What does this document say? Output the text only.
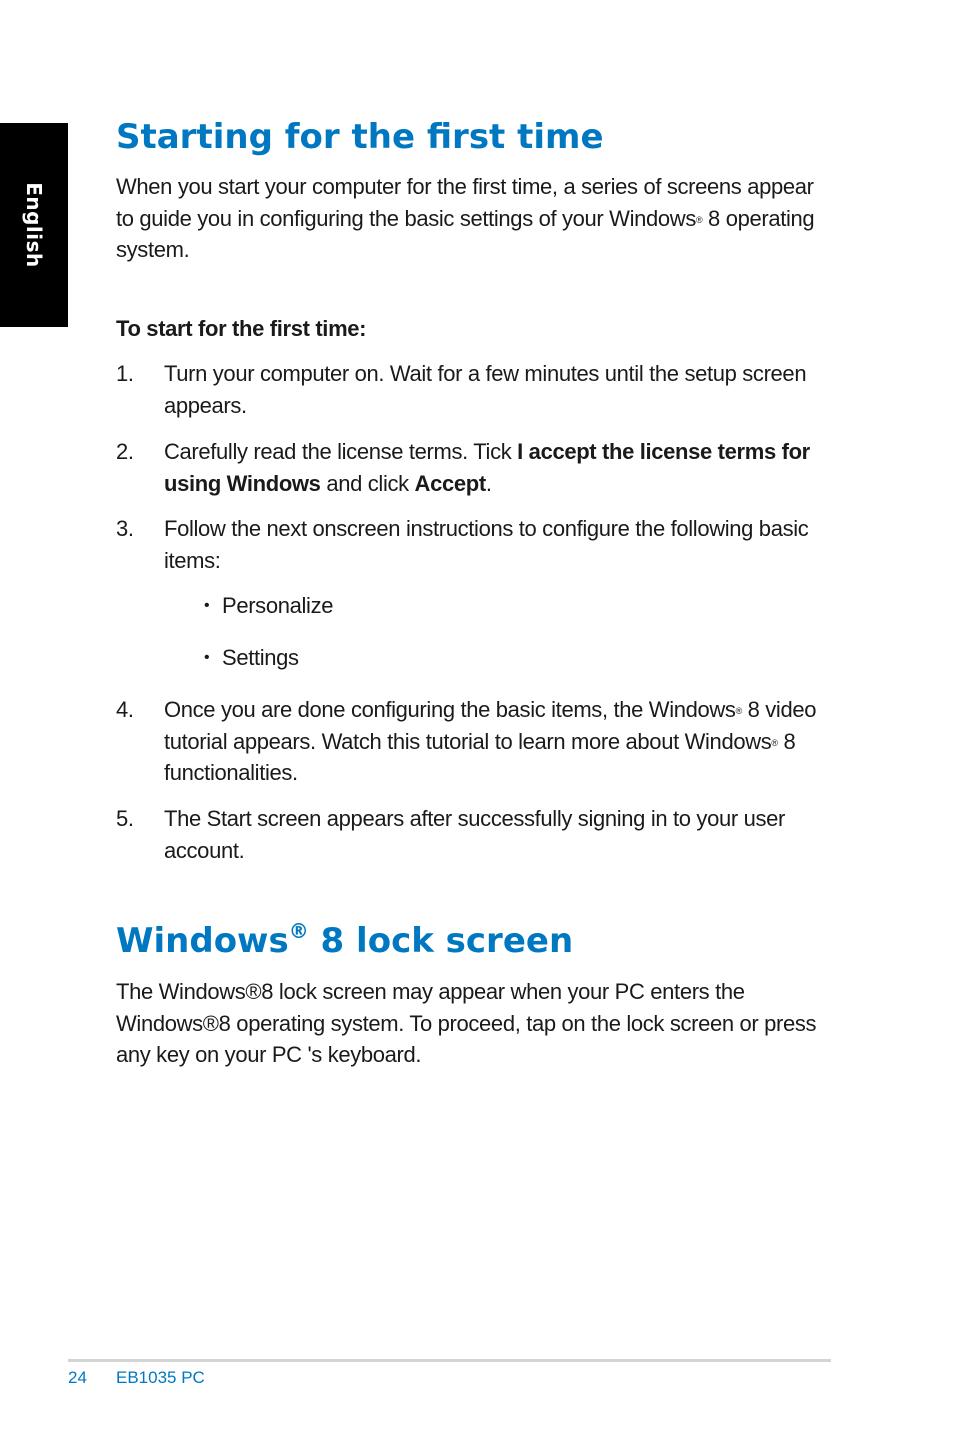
English
Starting for the first time

When you start your computer for the first time, a series of screens appear to guide you in configuring the basic settings of your Windows® 8 operating system.

To start for the first time:

1.	Turn your computer on. Wait for a few minutes until the setup screen appears.

2.	Carefully read the license terms. Tick I accept the license terms for using Windows and click Accept.

3.	Follow the next onscreen instructions to configure the following basic items:

• Personalize

• Settings

4.	Once you are done configuring the basic items, the Windows® 8 video tutorial appears. Watch this tutorial to learn more about Windows® 8 functionalities.

5.	The Start screen appears after successfully signing in to your user account.

Windows® 8 lock screen

The Windows®8 lock screen may appear when your PC enters the Windows®8 operating system. To proceed, tap on the lock screen or press any key on your PC 's keyboard.

24 EB1035 PC
